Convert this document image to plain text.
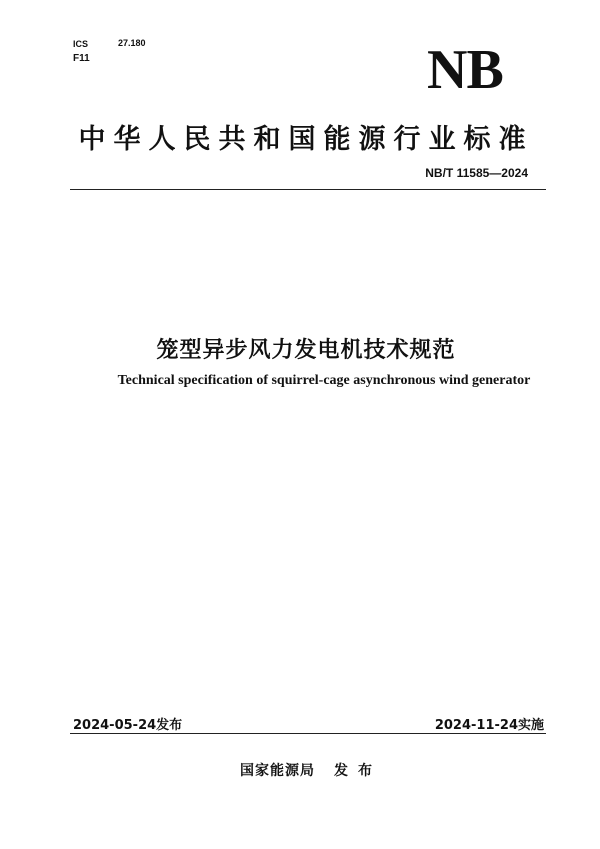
ICS	27.180
F11	NB
中华人民共和国能源行业标准
NB/T 11585—2024
笼型异步风力发电机技术规范
Technical specification of squirrel-cage asynchronous wind generator
2024-05-24发布	2024-11-24实施
国家能源局 发布
